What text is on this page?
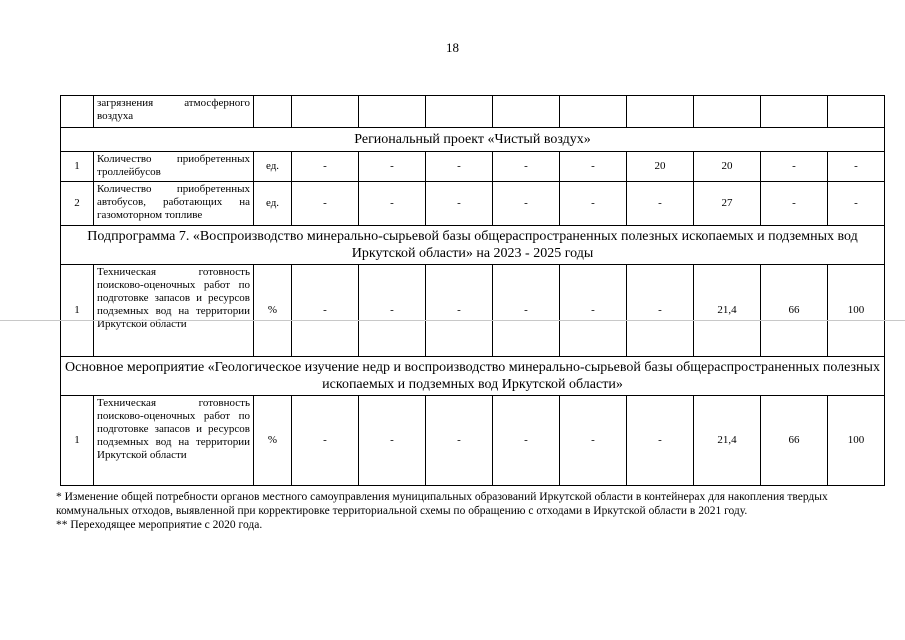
18
	загрязнения атмосферного воздуха										
Региональный проект «Чистый воздух»											
1	Количество приобретенных троллейбусов	ед.	-	-	-	-	-	20	20	-	-
2	Количество приобретенных автобусов, работающих на газомоторном топливе	ед.	-	-	-	-	-	-	27	-	-
Подпрограмма 7. «Воспроизводство минерально-сырьевой базы общераспространенных полезных ископаемых и подземных вод Иркутской области» на 2023 - 2025 годы											
1	Техническая готовность поисково-оценочных работ по подготовке запасов и ресурсов подземных вод на территории Иркутской области	%	-	-	-	-	-	-	21,4	66	100
Основное мероприятие «Геологическое изучение недр и воспроизводство минерально-сырьевой базы общераспространенных полезных ископаемых и подземных вод Иркутской области»											
1	Техническая готовность поисково-оценочных работ по подготовке запасов и ресурсов подземных вод на территории Иркутской области	%	-	-	-	-	-	-	21,4	66	100

* Изменение общей потребности органов местного самоуправления муниципальных образований Иркутской области в контейнерах для накопления твердых коммунальных отходов, выявленной при корректировке территориальной схемы по обращению с отходами в Иркутской области в 2021 году.

** Переходящее мероприятие с 2020 года.
